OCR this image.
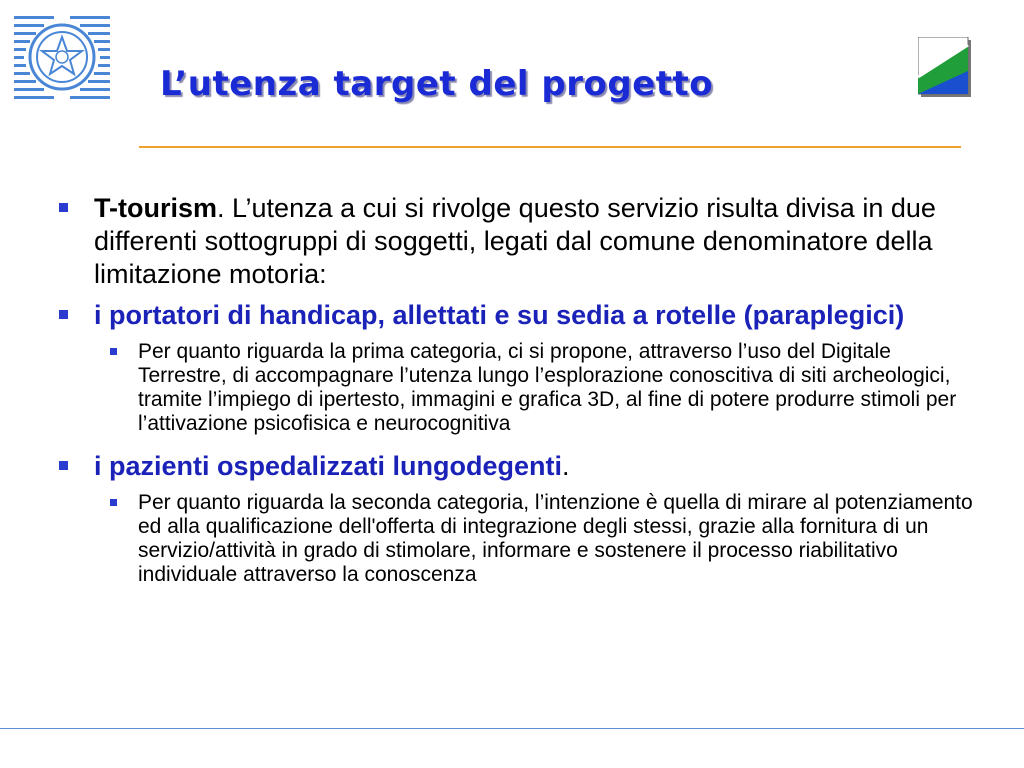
L’utenza target del progetto
T-tourism. L’utenza a cui si rivolge questo servizio risulta divisa in due differenti sottogruppi di soggetti, legati dal comune denominatore della limitazione motoria:
i portatori di handicap, allettati e su sedia a rotelle (paraplegici)
Per quanto riguarda la prima categoria, ci si propone, attraverso l’uso del Digitale Terrestre, di accompagnare l’utenza lungo l’esplorazione conoscitiva di siti archeologici, tramite l’impiego di ipertesto, immagini e grafica 3D, al fine di potere produrre stimoli per l’attivazione psicofisica e neurocognitiva
i pazienti ospedalizzati lungodegenti.
Per quanto riguarda la seconda categoria, l’intenzione è quella di mirare al potenziamento ed alla qualificazione dell'offerta di integrazione degli stessi, grazie alla fornitura di un servizio/attività in grado di stimolare, informare e sostenere il processo riabilitativo individuale attraverso la conoscenza
